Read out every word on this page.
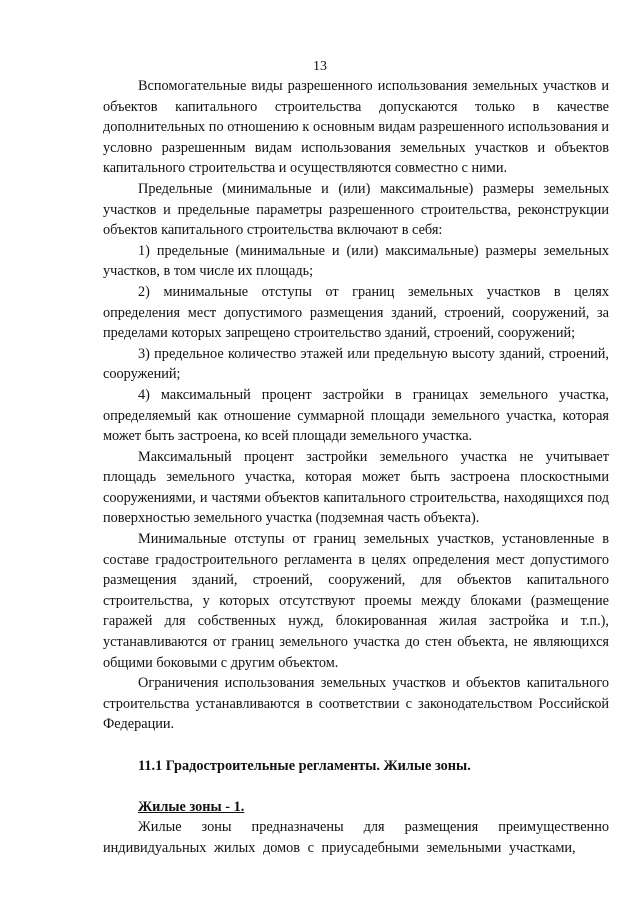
13

Вспомогательные виды разрешенного использования земельных участков и объектов капитального строительства допускаются только в качестве дополнительных по отношению к основным видам разрешенного использования и условно разрешенным видам использования земельных участков и объектов капитального строительства и осуществляются совместно с ними.

Предельные (минимальные и (или) максимальные) размеры земельных участков и предельные параметры разрешенного строительства, реконструкции объектов капитального строительства включают в себя:

1) предельные (минимальные и (или) максимальные) размеры земельных участков, в том числе их площадь;

2) минимальные отступы от границ земельных участков в целях определения мест допустимого размещения зданий, строений, сооружений, за пределами которых запрещено строительство зданий, строений, сооружений;

3) предельное количество этажей или предельную высоту зданий, строений, сооружений;

4) максимальный процент застройки в границах земельного участка, определяемый как отношение суммарной площади земельного участка, которая может быть застроена, ко всей площади земельного участка.

Максимальный процент застройки земельного участка не учитывает площадь земельного участка, которая может быть застроена плоскостными сооружениями, и частями объектов капитального строительства, находящихся под поверхностью земельного участка (подземная часть объекта).

Минимальные отступы от границ земельных участков, установленные в составе градостроительного регламента в целях определения мест допустимого размещения зданий, строений, сооружений, для объектов капитального строительства, у которых отсутствуют проемы между блоками (размещение гаражей для собственных нужд, блокированная жилая застройка и т.п.), устанавливаются от границ земельного участка до стен объекта, не являющихся общими боковыми с другим объектом.

Ограничения использования земельных участков и объектов капитального строительства устанавливаются в соответствии с законодательством Российской Федерации.

11.1 Градостроительные регламенты. Жилые зоны.

Жилые зоны - 1.

Жилые зоны предназначены для размещения преимущественно индивидуальных жилых домов с приусадебными земельными участками,
